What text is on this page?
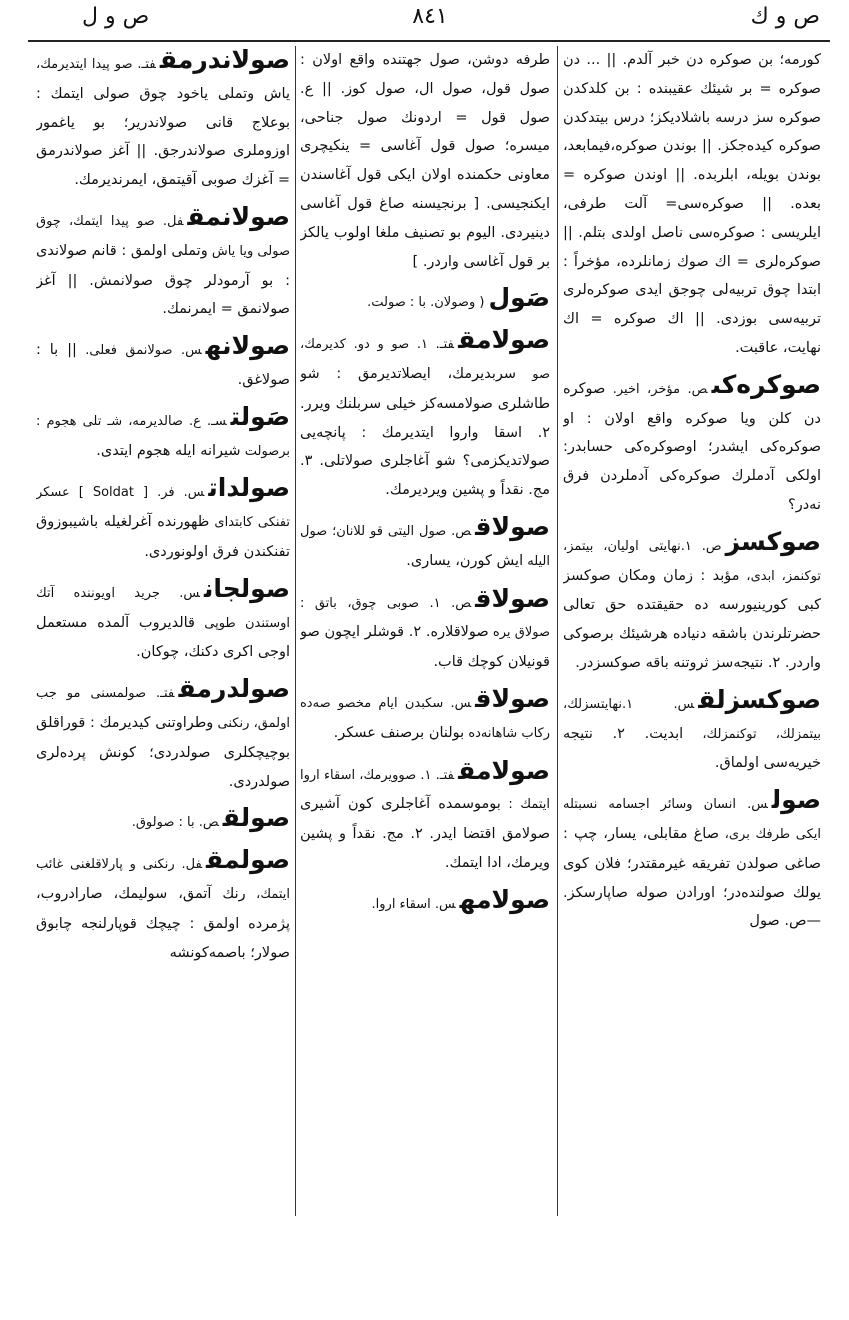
ص و ك
٨٤١
ص و ل

كورمه؛ بن صوكره دن خبر آلدم. || ... دن صوكره = بر شيئك عقيبنده : بن كلدكدن صوكره سز درسه باشلاديكز؛ درس بيتدكدن صوكره كيده‌جكز. || بوندن صوكره،فيمابعد، بوندن بويله، ابلربده. || اوندن صوكره = بعده. || صوكره‌سى= آلت طرفى، ايلريسى : صوكره‌سى ناصل اولدى بتلم. || صوكره‌لرى = اك صوك زمانلرده، مؤخراً : ابتدا چوق تربيه‌لى چوجق ايدى صوكره‌لرى تربيه‌سى بوزدى. || اك صوكره = اك نهايت، عاقبت.

صوكره‌كىص. مؤخر، اخير. صوكره دن كلن ويا صوكره واقع اولان : او صوكره‌كى ايشدر؛ اوصوكره‌كى حسابدر: اولكى آدملرك صوكره‌كى آدملردن فرق نه‌در؟

صوكسزص. ١.نهايتى اوليان، بيتمز، توكنمز، ابدى، مؤبد : زمان ومكان صوكسز كبى كورينيورسه ده حقيقتده حق تعالى حضرتلرندن باشقه دنياده هرشيئك برصوكى واردر. ٢. نتيجه‌سز ثروتنه باقه صوكسزدر.

صوكسزلقس. ١.نهايتسزلك، بيتمزلك، توكنمزلك، ابديت. ٢. نتيجه خيريه‌سى اولماق.

صولس. انسان وسائر اجسامه نسبتله ايكى طرفك برى، صاغ مقابلى، يسار، چپ : صاغى صولدن تفريقه غيرمقتدر؛ فلان كوى يولك صولنده‌در؛ اورادن صوله صاپارسكز. —ص. صول

طرفه دوشن، صول جهتنده واقع اولان : صول قول، صول ال، صول كوز. || ع. صول قول = اردونك صول جناحى، ميسره؛ صول قول آغاسى = ينكيچرى معاونى حكمنده اولان ايكى قول آغاسندن ايكنجيسى. [ برنجيسنه صاغ قول آغاسى دينيردى. اليوم بو تصنيف ملغا اولوب يالكز بر قول آغاسى واردر. ]

صَول( وصولان. با : صولت.

صولامقفتـ. ١. صو و دو. كديرمك، صو سربديرمك، ايصلاتديرمق : شو طاشلرى صولامسه‌كز خيلى سربلنك ويرر. ٢. اسقا واروا ايتديرمك : پانچه‌يى صولاتديكزمى؟ شو آغاجلرى صولاتلى. ٣. مج. نقداً و پشين ويرديرمك.

صولاقص. صول اليتى قو للانان؛ صول اليله ايش كورن، يسارى.

صولاقص. ١. صوبى چوق، باتق : صولاق يره صولاقلاره. ٢. قوشلر ايچون صو قونيلان كوچك قاب.

صولاقس. سكبدن ايام مخصو صه‌ده ركاب شاهانه‌ده بولنان برصنف عسكر.

صولامقفتـ. ١. صوويرمك، اسقاء اروا ايتمك : بوموسمده آغاجلرى كون آشيرى صولامق اقتضا ايدر. ٢. مج. نقداً و پشين ويرمك، ادا ايتمك.

صولامهس. اسقاء اروا.

صولاندرمقفتـ. صو پيدا ايتديرمك، ياش وتملى ياخود چوق صولى ايتمك : بوعلاج قانى صولاندرير؛ بو ياغمور اوزوملرى صولاندرجق. || آغز صولاندرمق = آغزك صوبى آقيتمق، ايمرنديرمك.

صولانمقفل. صو پيدا ايتمك، چوق صولى ويا ياش وتملى اولمق : قانم صولاندى : بو آرمودلر چوق صولانمش. || آغز صولانمق = ايمرنمك.

صولانهس. صولانمق فعلى. || با : صولاغق.

صَولتسـ. ع. صالديرمه، شـ تلى هجوم : برصولت شيرانه ايله هجوم ايتدى.

صولداتس. فر. [ Soldat ] عسكر تفنكى كابتداى ظهورنده آغرلغيله باشيبوزوق تفنكندن فرق اولونوردى.

صولجانس. جريد اويوننده آتك اوستندن طوپى قالديروب آلمده مستعمل اوجى اكرى دكنك، چوكان.

صولدرمقفتـ. صولمسنى مو جب اولمق، رنكنى وطراوتنى كيديرمك : قوراقلق بوچيچكلرى صولدردى؛ كونش پرده‌لرى صولدردى.

صولقص. با : صولوق.

صولمقفل. رنكنى و پارلاقلغنى غائب ايتمك، رنك آتمق، سوليمك، صارادروب، پژمرده اولمق : چيچك قوپارلنجه چابوق صولار؛ باصمه‌كونشه
